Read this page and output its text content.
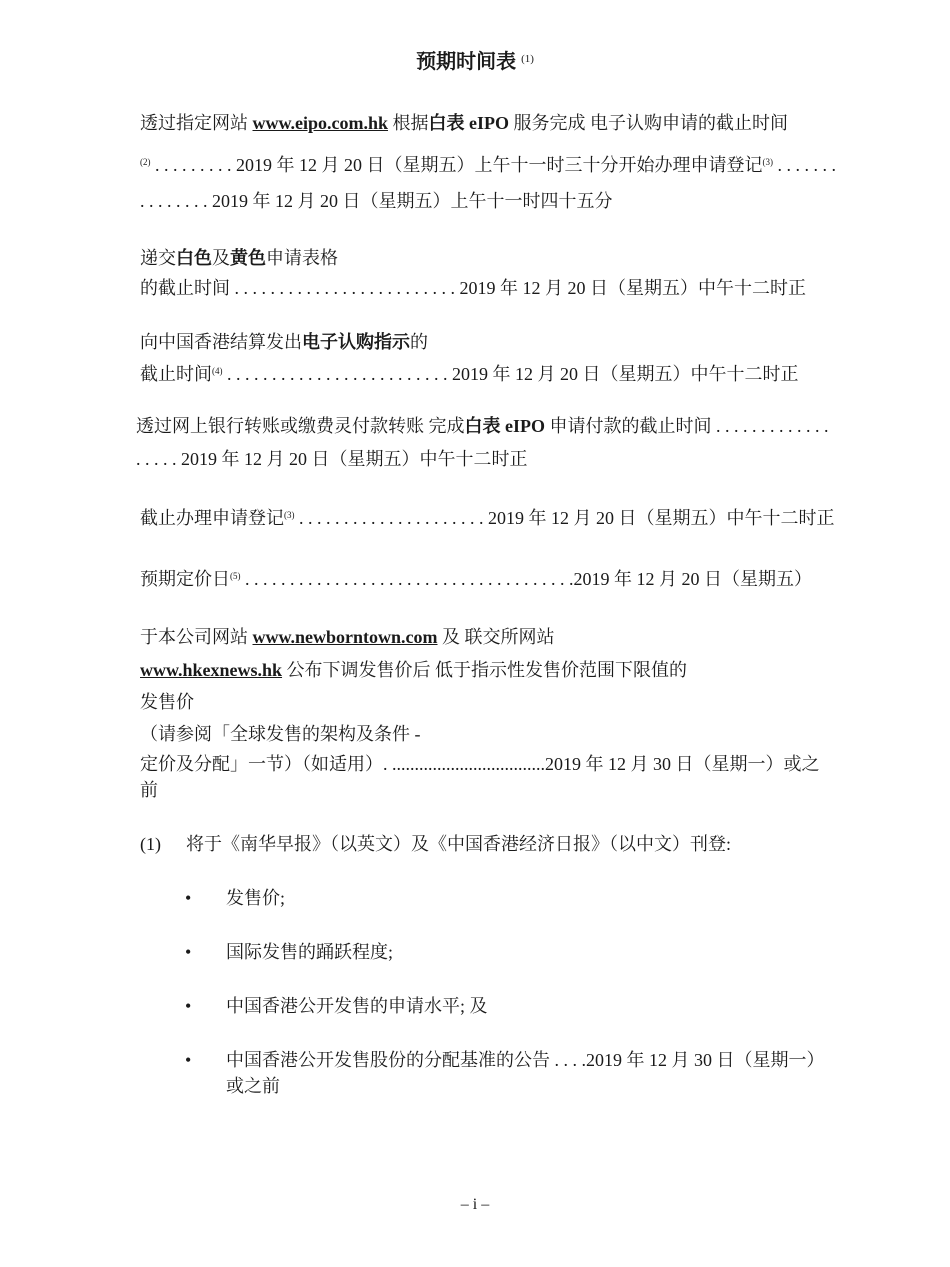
预期时间表 $^{(1)}$
透过指定网站 www.eipo.com.hk 根据白表 eIPO 服务完成 电子认购申请的截止时间
$^{(2)}$ . . . . . . . . . 2019 年 12 月 20 日（星期五）上午十一时三十分开始办理申请登记$^{(3)}$ . . . . . . .
. . . . . . . . 2019 年 12 月 20 日（星期五）上午十一时四十五分
递交白色及黄色申请表格
的截止时间 . . . . . . . . . . . . . . . . . . . . . . . . . 2019 年 12 月 20 日（星期五）中午十二时正
向中国香港结算发出电子认购指示的
截止时间$^{(4)}$ . . . . . . . . . . . . . . . . . . . . . . . . . 2019 年 12 月 20 日（星期五）中午十二时正
透过网上银行转账或缴费灵付款转账 完成白表 eIPO 申请付款的截止时间 . . . . . . . . . . . . .
. . . . . 2019 年 12 月 20 日（星期五）中午十二时正
截止办理申请登记$^{(3)}$ . . . . . . . . . . . . . . . . . . . . . 2019 年 12 月 20 日（星期五）中午十二时正
预期定价日$^{(5)}$ . . . . . . . . . . . . . . . . . . . . . . . . . . . . . . . . . . . . .2019 年 12 月 20 日（星期五）
于本公司网站 www.newborntown.com 及 联交所网站
www.hkexnews.hk 公布下调发售价后 低于指示性发售价范围下限值的
发售价
（请参阅「全球发售的架构及条件 -
定价及分配」一节）（如适用）. ..................................2019 年 12 月 30 日（星期一）或之
前
(1) 将于《南华早报》（以英文）及《中国香港经济日报》（以中文）刊登:
• 发售价;
• 国际发售的踊跃程度;
• 中国香港公开发售的申请水平; 及
• 中国香港公开发售股份的分配基准的公告 . . . .2019 年 12 月 30 日（星期一）
或之前
– i –
